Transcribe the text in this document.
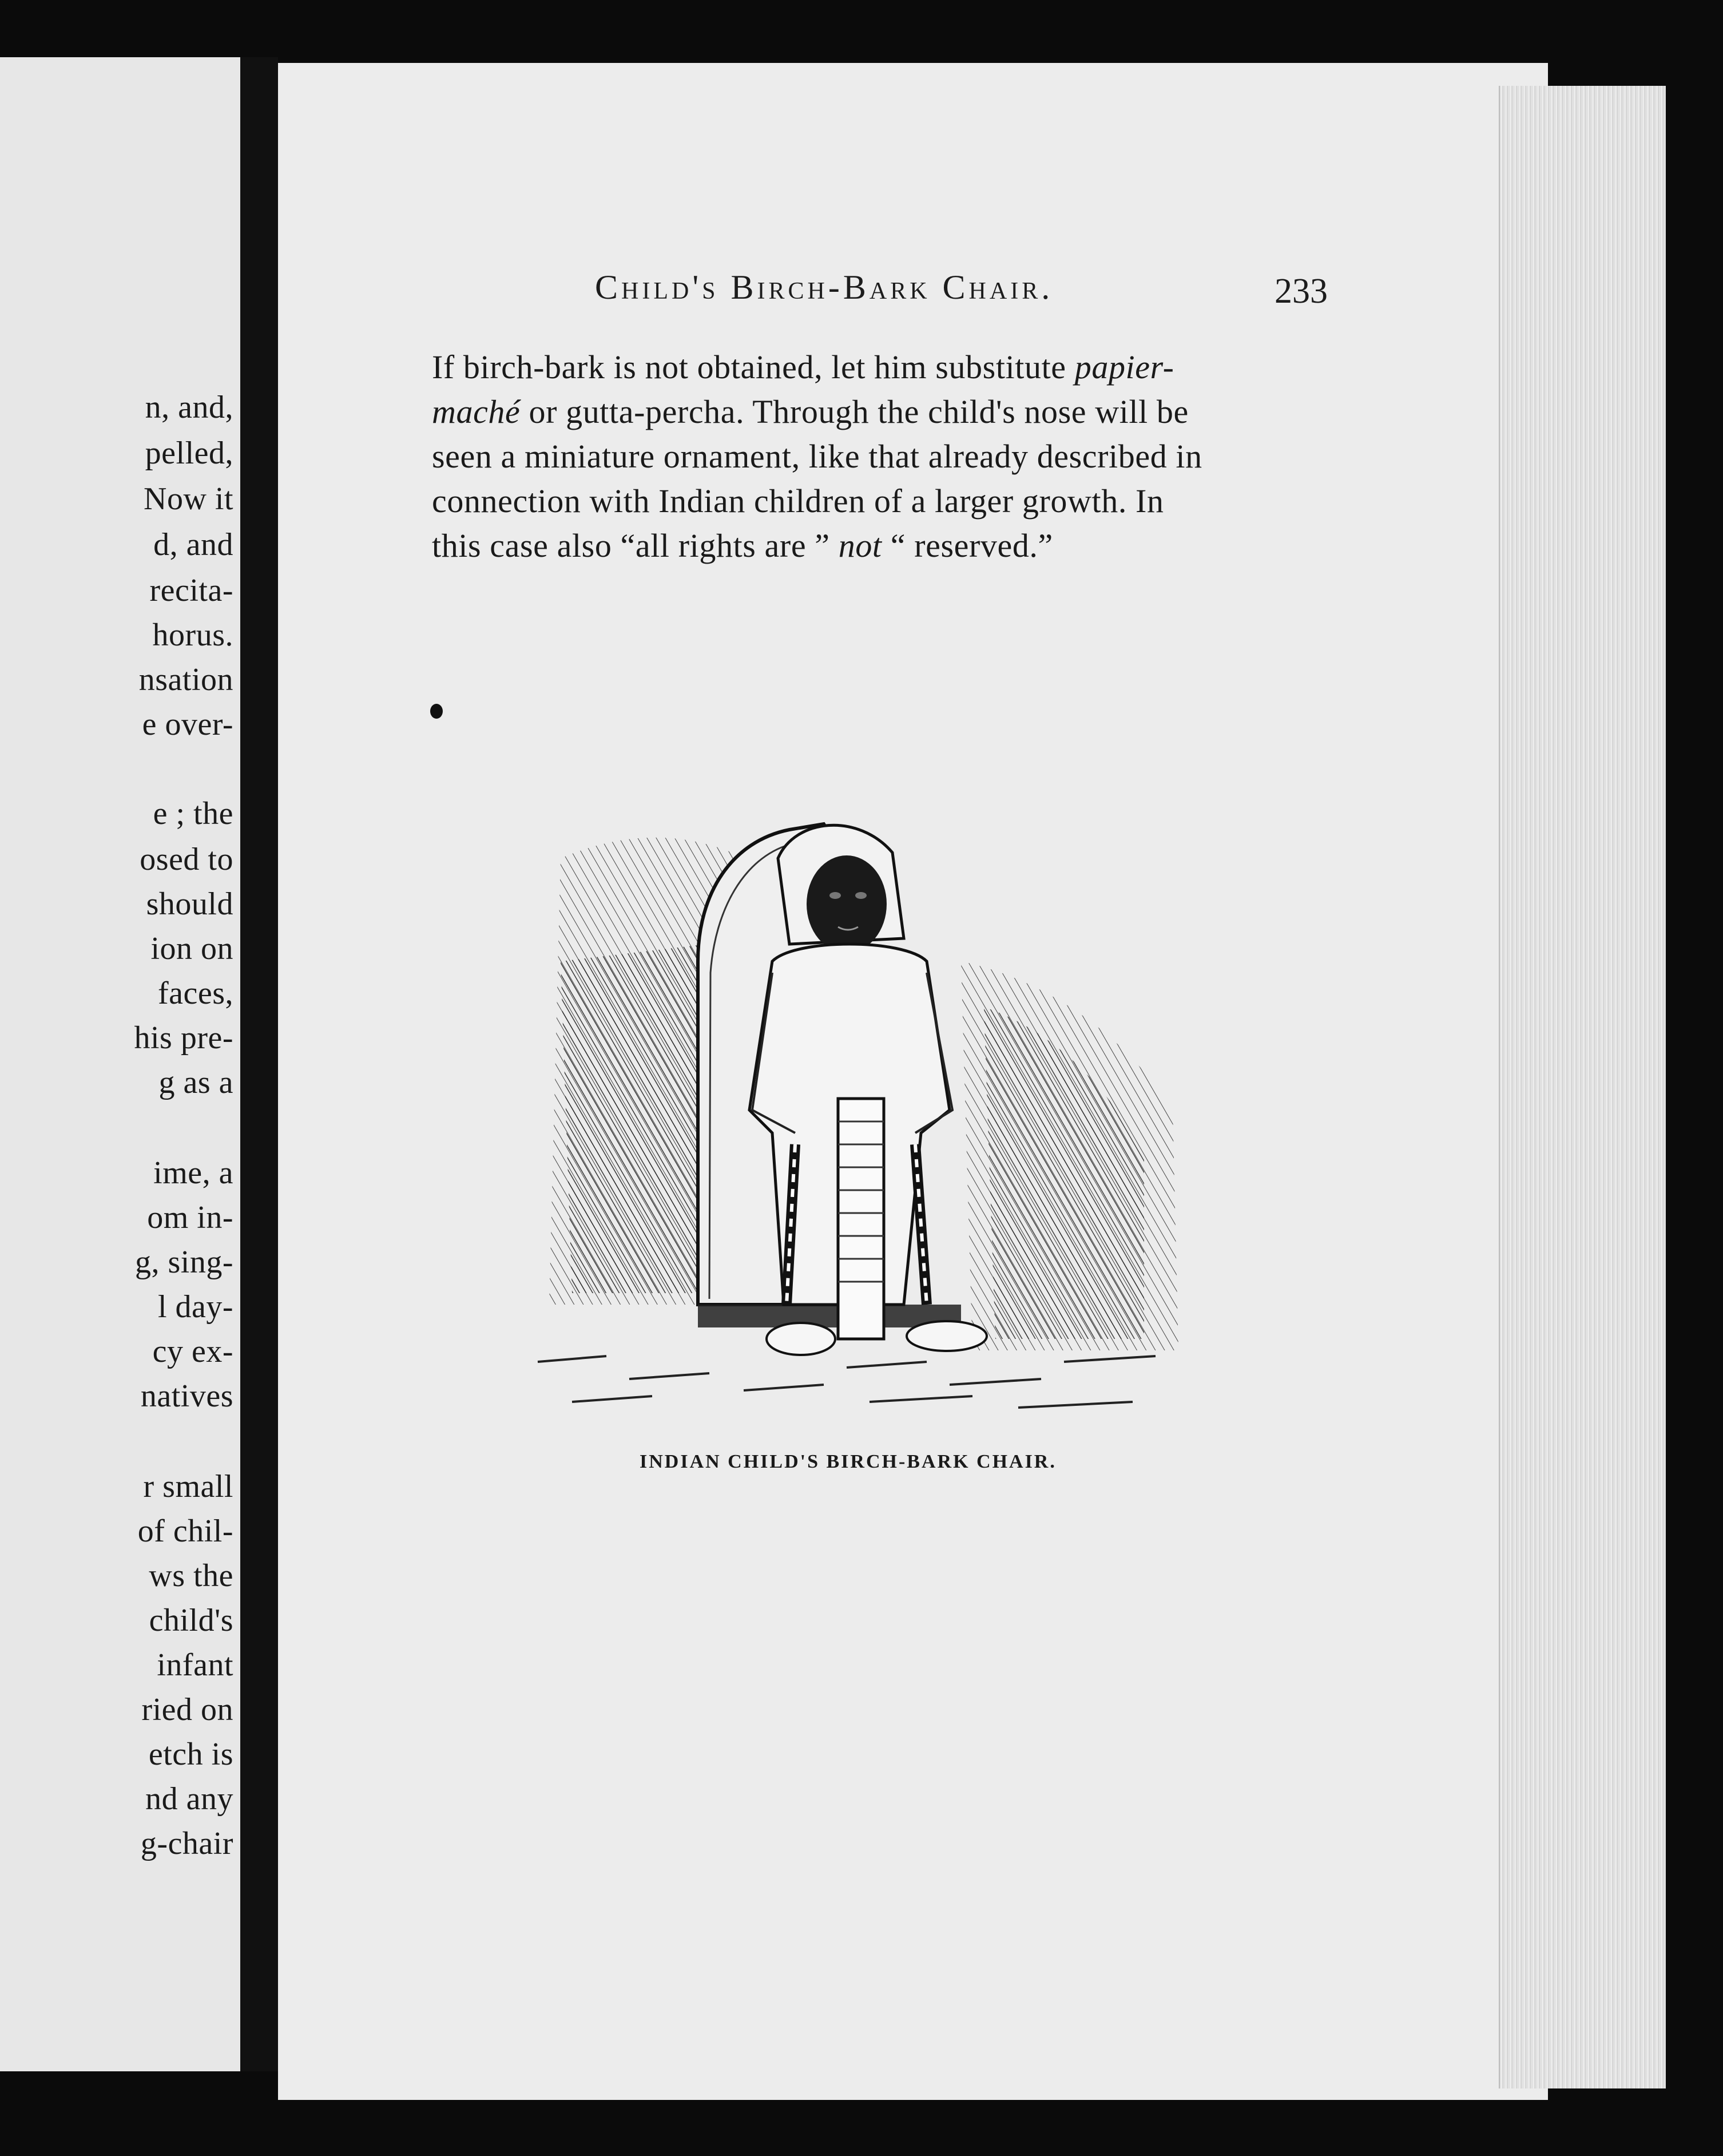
n, and,
pelled,
Now it
d, and
recita-
horus.
nsation
e over-
e ; the
osed to
should
ion on
faces,
his pre-
g as a
ime, a
om in-
g, sing-
l day-
cy ex-
natives
r small
of chil-
ws the
child's
infant
ried on
etch is
nd any
g-chair
Child's Birch-Bark Chair.	233
If birch-bark is not obtained, let him substitute papier-
maché or gutta-percha. Through the child's nose will be
seen a miniature ornament, like that already described in
connection with Indian children of a larger growth. In
this case also “all rights are ” not “ reserved.”
INDIAN CHILD'S BIRCH-BARK CHAIR.
